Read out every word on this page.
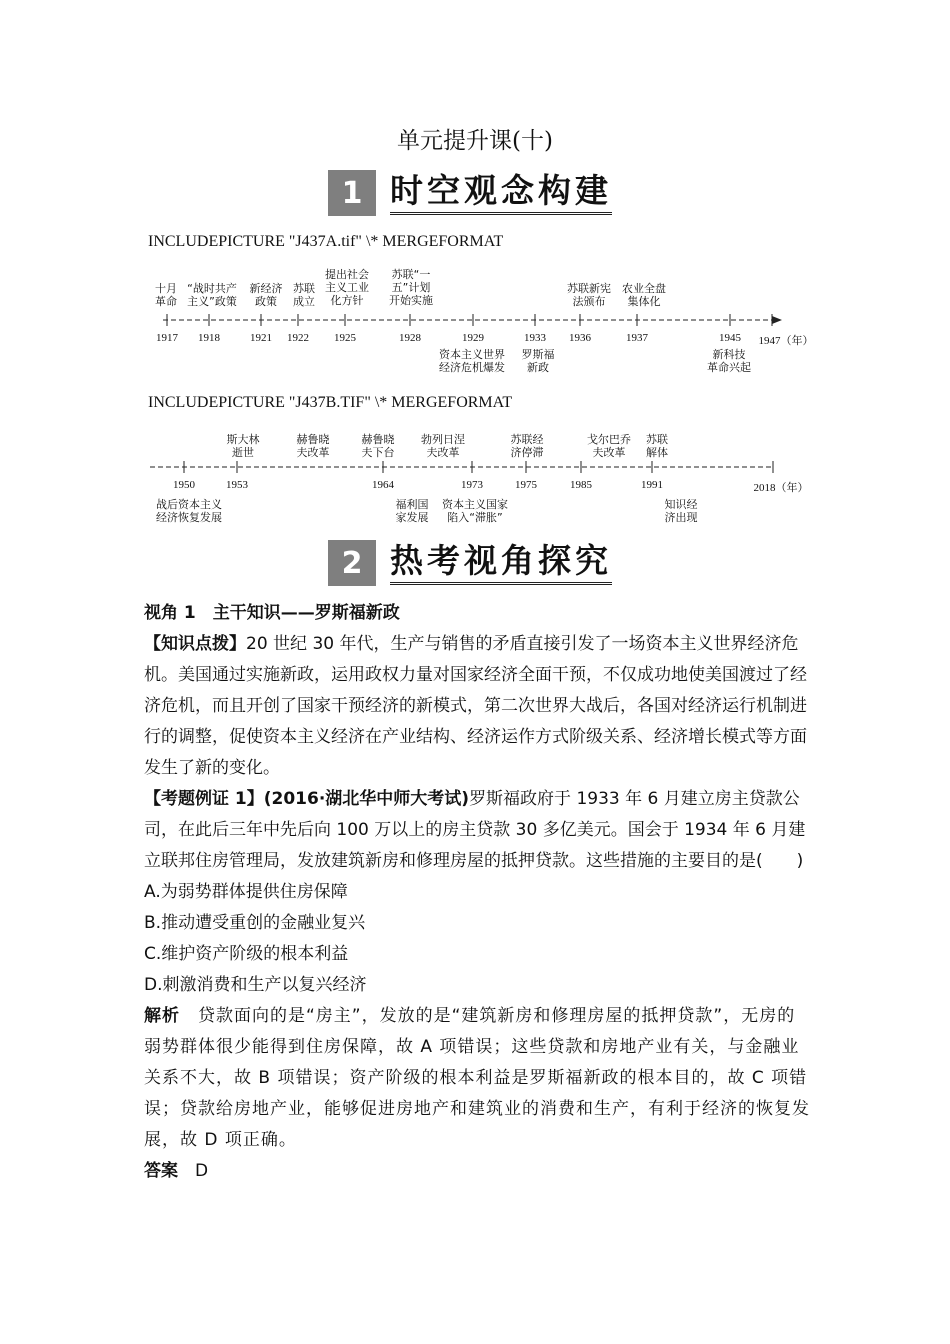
单元提升课(十)
1 时空观念构建
INCLUDEPICTURE "J437A.tif" \* MERGEFORMAT
十月
革命
“战时共产
主义”政策
新经济
政策
苏联
成立
提出社会
主义工业
化方针
苏联“一
五”计划
开始实施
苏联新宪
法颁布
农业全盘
集体化
1917 1918	1921 1922 1925	1928	1929	1933 1936	1937	1945 1947（年）
资本主义世界
经济危机爆发
罗斯福
新政
新科技
革命兴起
INCLUDEPICTURE "J437B.TIF" \* MERGEFORMAT
斯大林
逝世
赫鲁晓
夫改革
赫鲁晓
夫下台
勃列日涅
夫改革
苏联经
济停滞
戈尔巴乔
夫改革
苏联
解体
1950	1953	1964	1973	1975	1985	1991	2018（年）
战后资本主义
经济恢复发展
福利国
家发展
资本主义国家
陷入“滞胀”
知识经
济出现
2 热考视角探究

视角 1　主干知识——罗斯福新政

【知识点拨】20 世纪 30 年代，生产与销售的矛盾直接引发了一场资本主义世界经济危机。美国通过实施新政，运用政权力量对国家经济全面干预，不仅成功地使美国渡过了经济危机，而且开创了国家干预经济的新模式，第二次世界大战后，各国对经济运行机制进行的调整，促使资本主义经济在产业结构、经济运作方式阶级关系、经济增长模式等方面发生了新的变化。

【考题例证 1】(2016·湖北华中师大考试)罗斯福政府于 1933 年 6 月建立房主贷款公司，在此后三年中先后向 100 万以上的房主贷款 30 多亿美元。国会于 1934 年 6 月建立联邦住房管理局，发放建筑新房和修理房屋的抵押贷款。这些措施的主要目的是(　　)

A.为弱势群体提供住房保障

B.推动遭受重创的金融业复兴

C.维护资产阶级的根本利益

D.刺激消费和生产以复兴经济

解析　贷款面向的是“房主”，发放的是“建筑新房和修理房屋的抵押贷款”，无房的弱势群体很少能得到住房保障，故 A 项错误；这些贷款和房地产业有关，与金融业关系不大，故 B 项错误；资产阶级的根本利益是罗斯福新政的根本目的，故 C 项错误；贷款给房地产业，能够促进房地产和建筑业的消费和生产，有利于经济的恢复发展，故 D 项正确。

答案　 D
